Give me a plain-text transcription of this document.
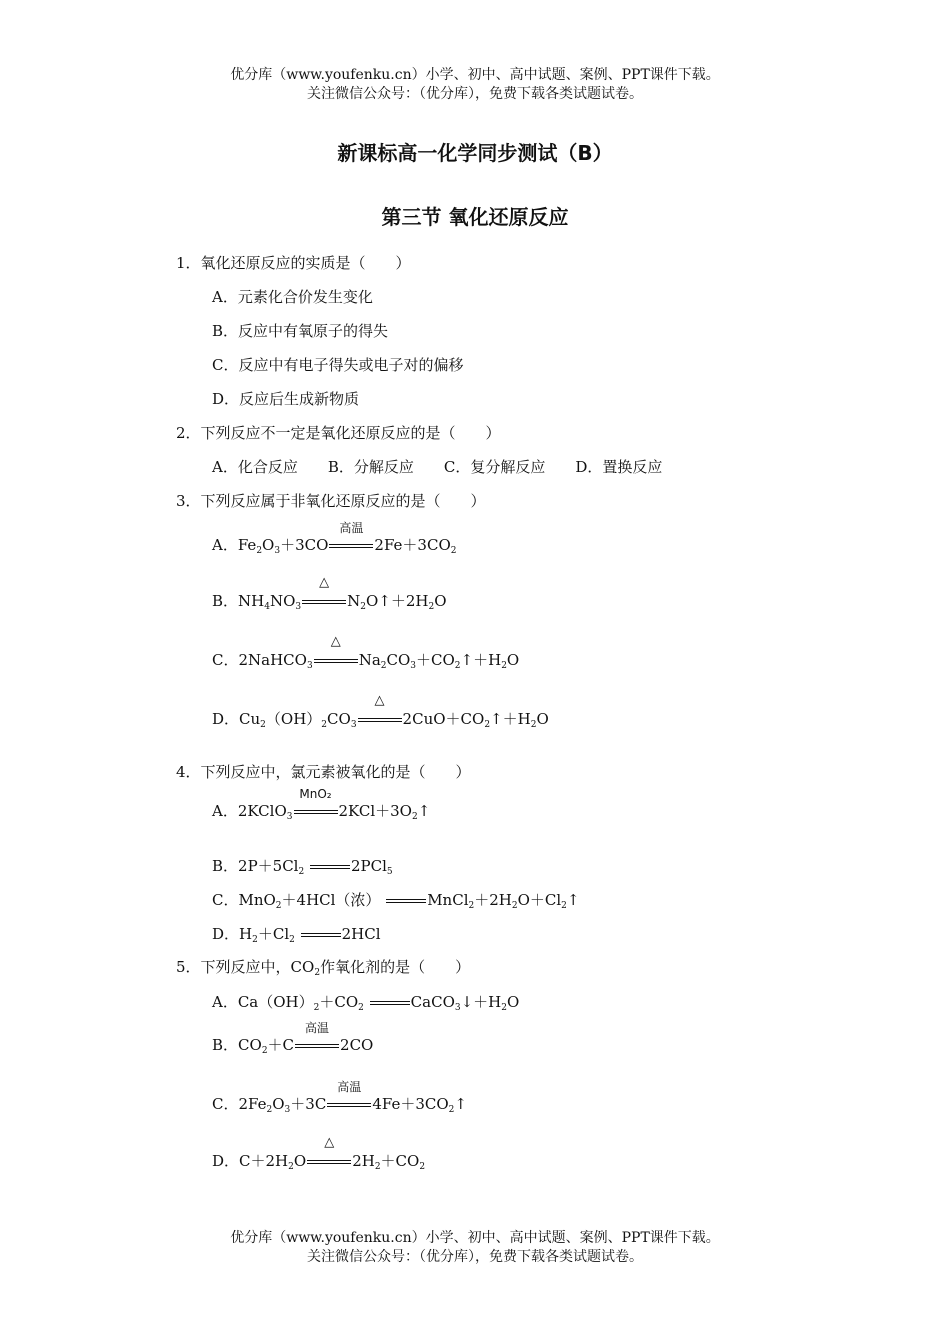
优分库（www.youfenku.cn）小学、初中、高中试题、案例、PPT课件下载。
关注微信公众号：（优分库），免费下载各类试题试卷。
新课标高一化学同步测试（B）
第三节 氧化还原反应
1．氧化还原反应的实质是（　　）
A．元素化合价发生变化
B．反应中有氧原子的得失
C．反应中有电子得失或电子对的偏移
D．反应后生成新物质
2．下列反应不一定是氧化还原反应的是（　　）
A．化合反应 B．分解反应 C．复分解反应 D．置换反应
3．下列反应属于非氧化还原反应的是（　　）
A．$Fe_2O_3+3CO$
高温
$2Fe+3CO_2$
B．$NH_4NO_3$
△
$N_2O↑+2H_2O$
C．2NaHCO$_3$
△
$Na_2CO_3+CO_2↑+H_2O$
D．$Cu_2(OH)_2CO_3$
△
$2CuO+CO_2↑+H_2O$
4．下列反应中，氯元素被氧化的是（　　）
A．2KClO$_3$
MnO₂
$2KCl+3O_2↑$
B．$2P+5Cl_2$	2PCl$_5$
C．MnO$_2$＋4HCl（浓）	$MnCl_2+2H_2O+Cl_2↑$
D．$H_2+Cl_2$	2HCl
5．下列反应中，$CO_2$作氧化剂的是（　　）
A．$Ca(OH)_2+CO_2$	$CaCO_3↓+H_2O$
B．$CO_2+C$
高温
2CO
C．$2Fe_2O_3+3C$
高温
$4Fe+3CO_2↑$
D．$C+2H_2O$
△
$2H_2+CO_2$
优分库（www.youfenku.cn）小学、初中、高中试题、案例、PPT课件下载。
关注微信公众号：（优分库），免费下载各类试题试卷。
